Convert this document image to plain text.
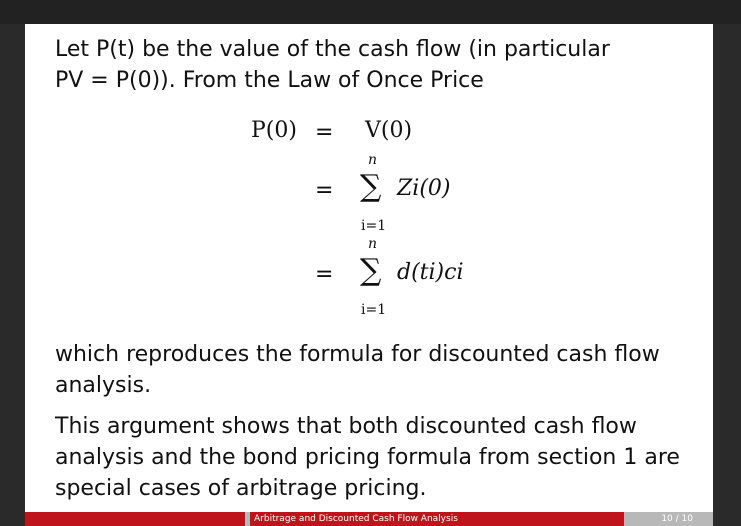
Let P(t) be the value of the cash flow (in particular
PV = P(0)). From the Law of Once Price
P(0) = V(0)
=
n
∑
i=1
Zi(0)
=
n
∑
i=1
d(ti)ci
which reproduces the formula for discounted cash flow
analysis.
This argument shows that both discounted cash flow
analysis and the bond pricing formula from section 1 are
special cases of arbitrage pricing.
Arbitrage and Discounted Cash Flow Analysis	10 / 10
